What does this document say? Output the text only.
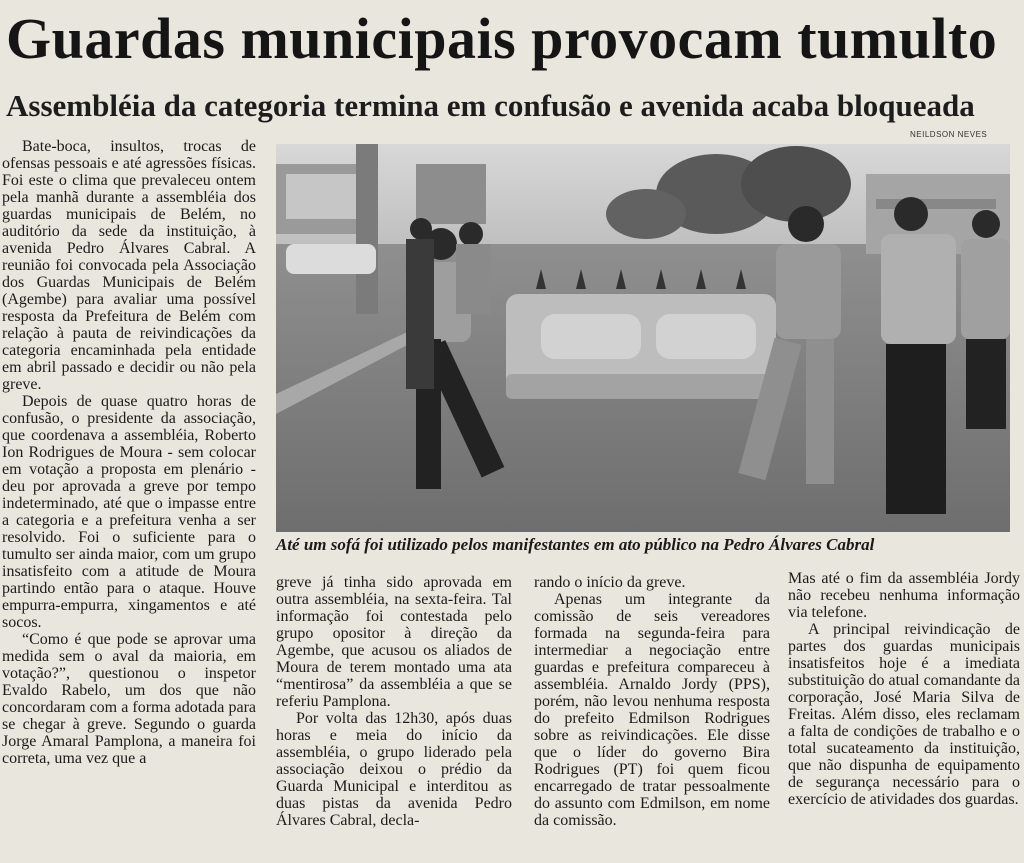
Guardas municipais provocam tumulto
Assembléia da categoria termina em confusão e avenida acaba bloqueada
NEILDSON NEVES

Bate-boca, insultos, trocas de ofensas pessoais e até agressões físicas. Foi este o clima que prevaleceu ontem pela manhã durante a assembléia dos guardas municipais de Belém, no auditório da sede da instituição, à avenida Pedro Álvares Cabral. A reunião foi convocada pela Associação dos Guardas Municipais de Belém (Agembe) para avaliar uma possível resposta da Prefeitura de Belém com relação à pauta de reivindicações da categoria encaminhada pela entidade em abril passado e decidir ou não pela greve.

Depois de quase quatro horas de confusão, o presidente da associação, que coordenava a assembléia, Roberto Ion Rodrigues de Moura - sem colocar em votação a proposta em plenário - deu por aprovada a greve por tempo indeterminado, até que o impasse entre a categoria e a prefeitura venha a ser resolvido. Foi o suficiente para o tumulto ser ainda maior, com um grupo insatisfeito com a atitude de Moura partindo então para o ataque. Houve empurra-empurra, xingamentos e até socos.

“Como é que pode se aprovar uma medida sem o aval da maioria, em votação?”, questionou o inspetor Evaldo Rabelo, um dos que não concordaram com a forma adotada para se chegar à greve. Segundo o guarda Jorge Amaral Pamplona, a maneira foi correta, uma vez que a

Até um sofá foi utilizado pelos manifestantes em ato público na Pedro Álvares Cabral

greve já tinha sido aprovada em outra assembléia, na sexta-feira. Tal informação foi contestada pelo grupo opositor à direção da Agembe, que acusou os aliados de Moura de terem montado uma ata “mentirosa” da assembléia a que se referiu Pamplona.

Por volta das 12h30, após duas horas e meia do início da assembléia, o grupo liderado pela associação deixou o prédio da Guarda Municipal e interditou as duas pistas da avenida Pedro Álvares Cabral, decla-

rando o início da greve.

Apenas um integrante da comissão de seis vereadores formada na segunda-feira para intermediar a negociação entre guardas e prefeitura compareceu à assembléia. Arnaldo Jordy (PPS), porém, não levou nenhuma resposta do prefeito Edmilson Rodrigues sobre as reivindicações. Ele disse que o líder do governo Bira Rodrigues (PT) foi quem ficou encarregado de tratar pessoalmente do assunto com Edmilson, em nome da comissão.

Mas até o fim da assembléia Jordy não recebeu nenhuma informação via telefone.

A principal reivindicação de partes dos guardas municipais insatisfeitos hoje é a imediata substituição do atual comandante da corporação, José Maria Silva de Freitas. Além disso, eles reclamam a falta de condições de trabalho e o total sucateamento da instituição, que não dispunha de equipamento de segurança necessário para o exercício de atividades dos guardas.
